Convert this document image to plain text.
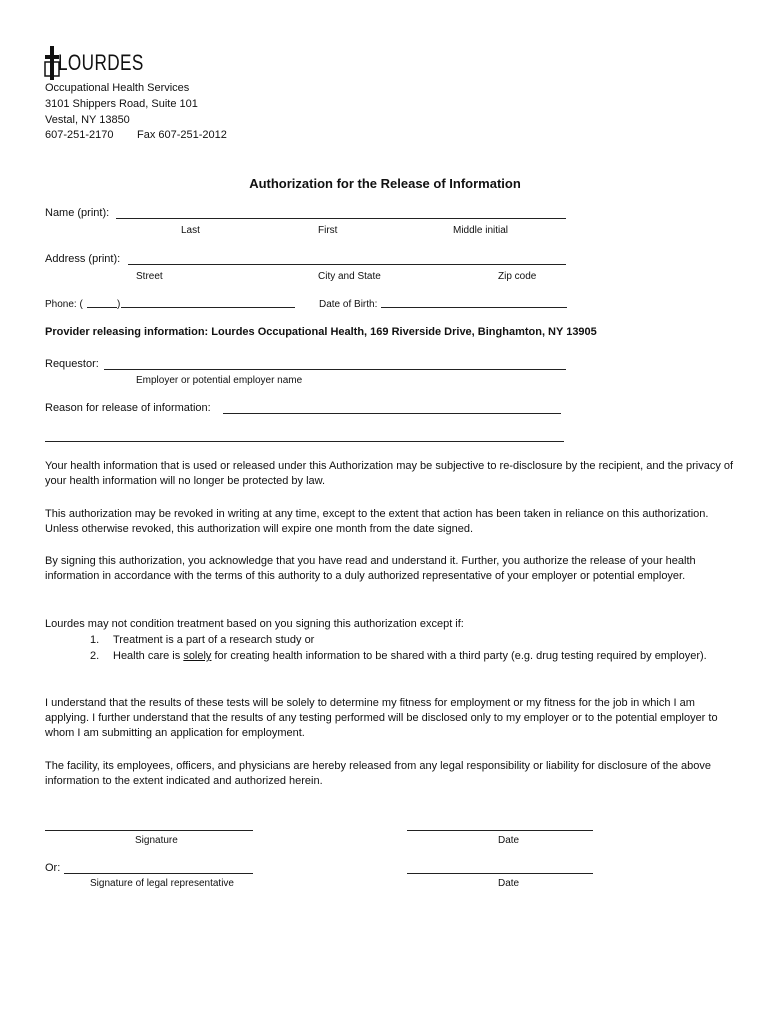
LOURDES
Occupational Health Services
3101 Shippers Road, Suite 101
Vestal, NY 13850
607-251-2170 Fax 607-251-2012
Authorization for the Release of Information
Name (print):
Last	First	Middle initial
Address (print):
Street	City and State	Zip code
Phone: (	)	Date of Birth:
Provider releasing information: Lourdes Occupational Health, 169 Riverside Drive, Binghamton, NY 13905
Requestor:
Employer or potential employer name
Reason for release of information:
Your health information that is used or released under this Authorization may be subjective to re-disclosure by the recipient, and the privacy of your health information will no longer be protected by law.
This authorization may be revoked in writing at any time, except to the extent that action has been taken in reliance on this authorization. Unless otherwise revoked, this authorization will expire one month from the date signed.
By signing this authorization, you acknowledge that you have read and understand it. Further, you authorize the release of your health information in accordance with the terms of this authority to a duly authorized representative of your employer or potential employer.
Lourdes may not condition treatment based on you signing this authorization except if:
1. Treatment is a part of a research study or
2. Health care is solely for creating health information to be shared with a third party (e.g. drug testing required by employer).
I understand that the results of these tests will be solely to determine my fitness for employment or my fitness for the job in which I am applying. I further understand that the results of any testing performed will be disclosed only to my employer or to the potential employer to whom I am submitting an application for employment.
The facility, its employees, officers, and physicians are hereby released from any legal responsibility or liability for disclosure of the above information to the extent indicated and authorized herein.
Signature	Date
Or:
Signature of legal representative	Date
